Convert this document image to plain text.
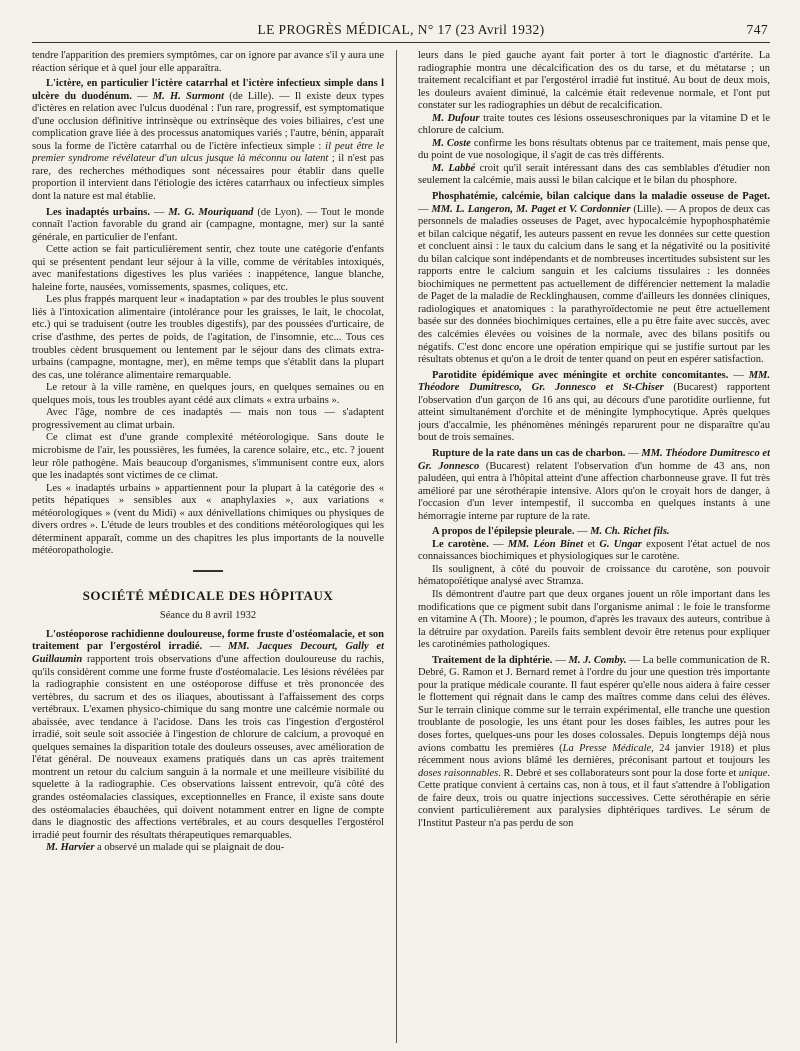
LE PROGRÈS MÉDICAL, N° 17 (23 Avril 1932)	747

tendre l'apparition des premiers symptômes, car on ignore par avance s'il y aura une réaction sérique et à quel jour elle apparaîtra.

L'ictère, en particulier l'ictère catarrhal et l'ictère infectieux simple dans l ulcère du duodénum. — M. H. Surmont (de Lille). — Il existe deux types d'ictères en relation avec l'ulcus duodénal : l'un rare, progressif, est symptomatique d'une occlusion définitive intrinsèque ou extrinsèque des voies biliaires, c'est une complication grave liée à des processus anatomiques variés ; l'autre, bénin, apparaît sous la forme de l'ictère catarrhal ou de l'ictère infectieux simple : il peut être le premier syndrome révélateur d'un ulcus jusque là méconnu ou latent ; il n'est pas rare, des recherches méthodiques sont nécessaires pour établir dans quelle proportion il intervient dans l'étiologie des ictères catarrhaux ou infectieux simples dont la nature est mal établie.

Les inadaptés urbains. — M. G. Mouriquand (de Lyon). — Tout le monde connaît l'action favorable du grand air (campagne, montagne, mer) sur la santé générale, en particulier de l'enfant.

Cette action se fait particulièrement sentir, chez toute une catégorie d'enfants qui se présentent pendant leur séjour à la ville, comme de véritables intoxiqués, avec manifestations digestives les plus variées : inappétence, langue blanche, haleine forte, nausées, vomissements, spasmes, coliques, etc.

Les plus frappés marquent leur « inadaptation » par des troubles le plus souvent liés à l'intoxication alimentaire (intolérance pour les graisses, le lait, le chocolat, etc.) qui se traduisent (outre les troubles digestifs), par des poussées d'urticaire, de crise d'asthme, des pertes de poids, de l'agitation, de l'insomnie, etc... Tous ces troubles cèdent brusquement ou lentement par le séjour dans des climats extra-urbains (campagne, montagne, mer), en même temps que s'établit dans la plupart des cas, une tolérance alimentaire remarquable.

Le retour à la ville ramène, en quelques jours, en quelques semaines ou en quelques mois, tous les troubles ayant cédé aux climats « extra urbains ».

Avec l'âge, nombre de ces inadaptés — mais non tous — s'adaptent progressivement au climat urbain.

Ce climat est d'une grande complexité météorologique. Sans doute le microbisme de l'air, les poussières, les fumées, la carence solaire, etc., etc. ? jouent leur rôle pathogène. Mais beaucoup d'organismes, s'immunisent contre eux, alors que les inadaptés sont victimes de ce climat.

Les « inadaptés urbains » appartiennent pour la plupart à la catégorie des « petits hépatiques » sensibles aux « anaphylaxies », aux variations « météorologiques » (vent du Midi) « aux dénivellations chimiques ou physiques de divers ordres ». L'étude de leurs troubles et des conditions météorologiques qui les déterminent apparaît, comme un des chapitres les plus importants de la nouvelle météoropathologie.

SOCIÉTÉ MÉDICALE DES HÔPITAUX
Séance du 8 avril 1932

L'ostéoporose rachidienne douloureuse, forme fruste d'ostéomalacie, et son traitement par l'ergostérol irradié. — MM. Jacques Decourt, Gally et Guillaumin rapportent trois observations d'une affection douloureuse du rachis, qu'ils considèrent comme une forme fruste d'ostéomalacie. Les lésions révélées par la radiographie consistent en une ostéoporose diffuse et très prononcée des vertèbres, du sacrum et des os iliaques, aboutissant à l'affaissement des corps vertébraux. L'examen physico-chimique du sang montre une calcémie normale ou abaissée, avec tendance à l'acidose. Dans les trois cas l'ingestion d'ergostérol irradié, soit seule soit associée à l'ingestion de chlorure de calcium, a provoqué en quelques semaines la disparition totale des douleurs osseuses, avec amélioration de l'état général. De nouveaux examens pratiqués dans un cas après traitement montrent un retour du calcium sanguin à la normale et une meilleure visibilité du squelette à la radiographie. Ces observations laissent entrevoir, qu'à côté des grandes ostéomalacies classiques, exceptionnelles en France, il existe sans doute des ostéomalacies ébauchées, qui doivent notamment entrer en ligne de compte dans le diagnostic des affections vertébrales, et au cours desquelles l'ergostérol irradié peut fournir des résultats thérapeutiques remarquables.

M. Harvier a observé un malade qui se plaignait de dou-

leurs dans le pied gauche ayant fait porter à tort le diagnostic d'artérite. La radiographie montra une décalcification des os du tarse, et du métatarse ; un traitement recalcifiant et par l'ergostérol irradié fut institué. Au bout de deux mois, les douleurs avaient diminué, la calcémie était redevenue normale, et l'ont put constater sur les radiographies un début de recalcification.

M. Dufour traite toutes ces lésions osseuseschroniques par la vitamine D et le chlorure de calcium.

M. Coste confirme les bons résultats obtenus par ce traitement, mais pense que, du point de vue nosologique, il s'agit de cas très différents.

M. Labbé croit qu'il serait intéressant dans des cas semblables d'étudier non seulement la calcémie, mais aussi le bilan calcique et le bilan du phosphore.

Phosphatémie, calcémie, bilan calcique dans la maladie osseuse de Paget. — MM. L. Langeron, M. Paget et V. Cordonnier (Lille). — A propos de deux cas personnels de maladies osseuses de Paget, avec hypocalcémie hypophosphatémie et bilan calcique négatif, les auteurs passent en revue les données sur cette question et concluent ainsi : le taux du calcium dans le sang et la négativité ou la positivité du bilan calcique sont indépendants et de nombreuses incertitudes subsistent sur les rapports entre le calcium sanguin et les calciums tissulaires : les données biochimiques ne permettent pas actuellement de différencier nettement la maladie de Paget de la maladie de Recklinghausen, comme d'ailleurs les données cliniques, radiologiques et anatomiques : la parathyroïdectomie ne peut être actuellement basée sur des données biochimiques certaines, elle a pu être faite avec succès, avec des calcémies élevées ou voisines de la normale, avec des bilans positifs ou négatifs. C'est donc encore une opération empirique qui se justifie surtout par les résultats obtenus et qu'on a le droit de tenter quand on peut en espérer satisfaction.

Parotidite épidémique avec méningite et orchite concomitantes. — MM. Théodore Dumitresco, Gr. Jonnesco et St-Chiser (Bucarest) rapportent l'observation d'un garçon de 16 ans qui, au décours d'une parotidite ourlienne, fut atteint simultanément d'orchite et de méningite lymphocytique. Après quelques jours d'accalmie, les phénomènes méningés reparurent pour ne disparaître qu'au bout de trois semaines.

Rupture de la rate dans un cas de charbon. — MM. Théodore Dumitresco et Gr. Jonnesco (Bucarest) relatent l'observation d'un homme de 43 ans, non paludéen, qui entra à l'hôpital atteint d'une affection charbonneuse grave. Il fut très amélioré par une sérothérapie intensive. Alors qu'on le croyait hors de danger, à l'occasion d'un lever intempestif, il succomba en quelques instants à une hémorragie interne par rupture de la rate.

A propos de l'épilepsie pleurale. — M. Ch. Richet fils.

Le carotène. — MM. Léon Binet et G. Ungar exposent l'état actuel de nos connaissances biochimiques et physiologiques sur le carotène.

Ils soulignent, à côté du pouvoir de croissance du carotène, son pouvoir hématopoïétique analysé avec Stramza.

Ils démontrent d'autre part que deux organes jouent un rôle important dans les modifications que ce pigment subit dans l'organisme animal : le foie le transforme en vitamine A (Th. Moore) ; le poumon, d'après les travaux des auteurs, contribue à la détruire par oxydation. Pareils faits semblent devoir être retenus pour expliquer les carotinémies pathologiques.

Traitement de la diphtérie. — M. J. Comby. — La belle communication de R. Debré, G. Ramon et J. Bernard remet à l'ordre du jour une question très importante pour la pratique médicale courante. Il faut espérer qu'elle nous aidera à faire cesser le flottement qui régnait dans le camp des maîtres comme dans celui des élèves. Sur le terrain clinique comme sur le terrain expérimental, elle tranche une question troublante de posologie, les uns étant pour les doses faibles, les autres pour les doses fortes, quelques-uns pour les doses colossales. Depuis longtemps déjà nous avions combattu les premières (La Presse Médicale, 24 janvier 1918) et plus récemment nous avions blâmé les dernières, préconisant partout et toujours les doses raisonnables. R. Debré et ses collaborateurs sont pour la dose forte et unique. Cette pratique convient à certains cas, non à tous, et il faut s'attendre à l'obligation de faire deux, trois ou quatre injections successives. Cette sérothérapie en série convient particulièrement aux paralysies diphtériques tardives. Le sérum de l'Institut Pasteur n'a pas perdu de son
